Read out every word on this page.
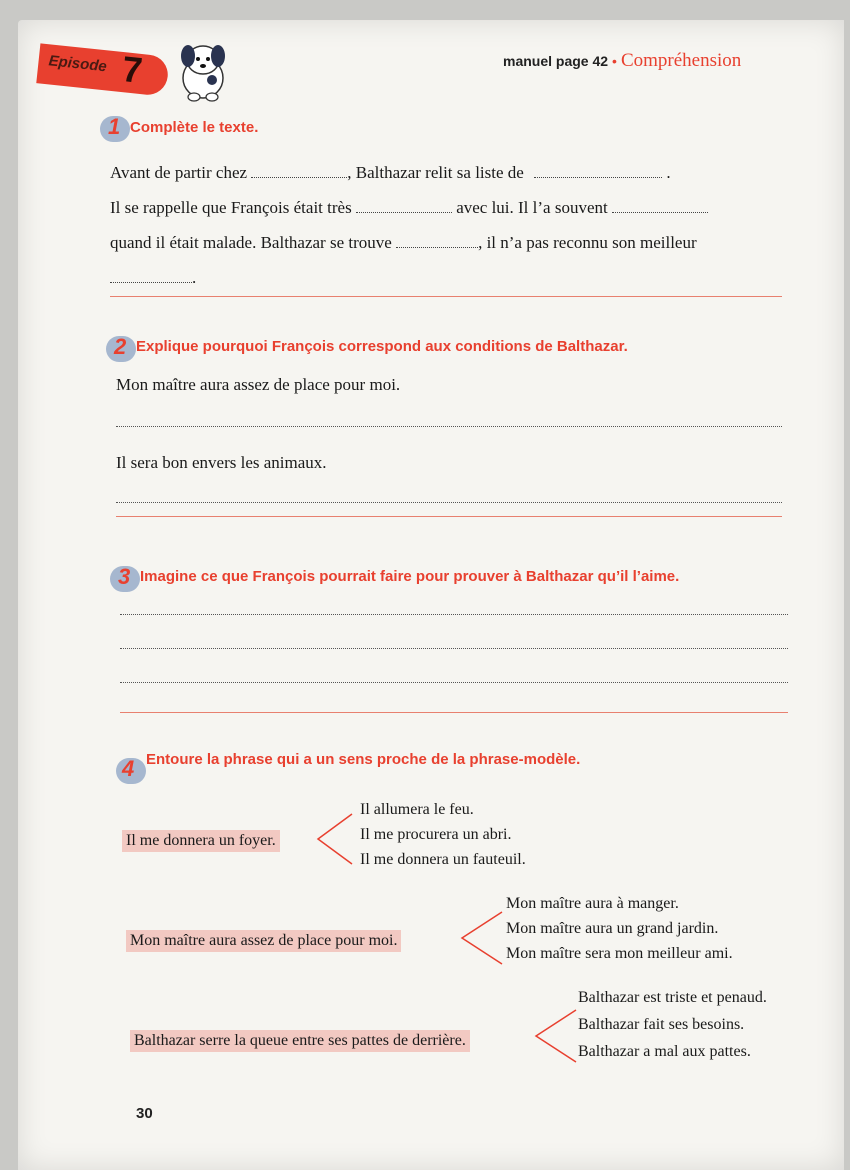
Episode 7	manuel page 42 • Compréhension
1 Complète le texte.
Avant de partir chez	, Balthazar relit sa liste de	.
Il se rappelle que François était très	avec lui. Il l’a souvent
quand il était malade. Balthazar se trouve	, il n’a pas reconnu son meilleur
.
2 Explique pourquoi François correspond aux conditions de Balthazar.
Mon maître aura assez de place pour moi.
Il sera bon envers les animaux.
3 Imagine ce que François pourrait faire pour prouver à Balthazar qu’il l’aime.
4 Entoure la phrase qui a un sens proche de la phrase-modèle.
Il me donnera un foyer.
Il allumera le feu.
Il me procurera un abri.
Il me donnera un fauteuil.
Mon maître aura assez de place pour moi.
Mon maître aura à manger.
Mon maître aura un grand jardin.
Mon maître sera mon meilleur ami.
Balthazar serre la queue entre ses pattes de derrière.
Balthazar est triste et penaud.
Balthazar fait ses besoins.
Balthazar a mal aux pattes.
30
